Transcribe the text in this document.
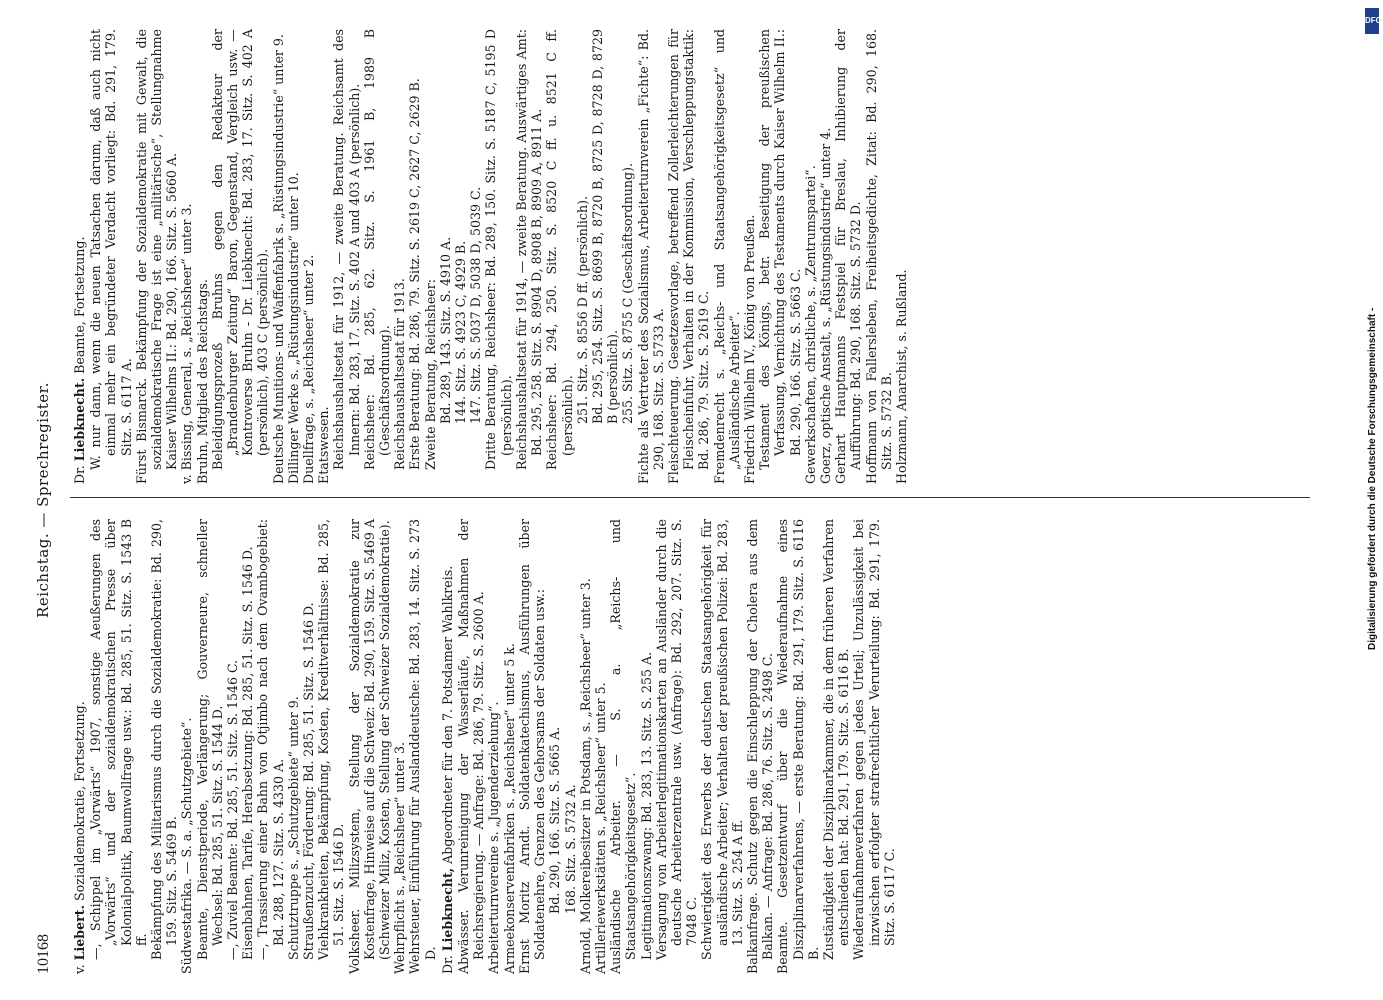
10168
Reichstag. — Sprechregister.

v. Liebert. Sozialdemokratie, Fortsetzung. —, Schippel im „Vorwärts“ 1907, sonstige Aeußerungen des „Vorwärts“ und der sozialdemokratischen Presse über Kolonialpolitik, Baumwollfrage usw.: Bd. 285, 51. Sitz. S. 1543 B ff. Bekämpfung des Militarismus durch die Sozialdemokratie: Bd. 290, 159. Sitz. S. 5469 B. Südwestafrika. — S. a. „Schutzgebiete“. Beamte, Dienstperiode, Verlängerung; Gouverneure, schneller Wechsel: Bd. 285, 51. Sitz. S. 1544 D. —, Zuviel Beamte: Bd. 285, 51. Sitz. S. 1546 C. Eisenbahnen, Tarife, Herabsetzung: Bd. 285, 51. Sitz. S. 1546 D. —, Trassierung einer Bahn von Otjimbo nach dem Ovambogebiet: Bd. 288, 127. Sitz. S. 4330 A. Schutztruppe s. „Schutzgebiete“ unter 9. Straußenzucht, Förderung: Bd. 285, 51. Sitz. S. 1546 D. Viehkrankheiten, Bekämpfung, Kosten, Kreditverhältnisse: Bd. 285, 51. Sitz. S. 1546 D. Volksheer. Milizsystem, Stellung der Sozialdemokratie zur Kostenfrage, Hinweise auf die Schweiz: Bd. 290, 159. Sitz. S. 5469 A (Schweizer Miliz, Kosten, Stellung der Schweizer Sozialdemokratie). Wehrpflicht s. „Reichsheer“ unter 3. Wehrsteuer, Einführung für Auslanddeutsche: Bd. 283, 14. Sitz. S. 273 D.

Dr. Liebknecht, Abgeordneter für den 7. Potsdamer Wahlkreis. Abwässer. Verunreinigung der Wasserläufe, Maßnahmen der Reichsregierung. — Anfrage: Bd. 286, 79. Sitz. S. 2600 A. Arbeiterturnvereine s. „Jugenderziehung“. Armeekonservenfabriken s. „Reichsheer“ unter 5 k. Ernst Moritz Arndt. Soldatenkatechismus, Ausführungen über Soldatenehre, Grenzen des Gehorsams der Soldaten usw.: Bd. 290, 166. Sitz. S. 5665 A. 168. Sitz. S. 5732 A. Arnold, Molkereibesitzer in Potsdam, s. „Reichsheer“ unter 3. Artilleriewerkstätten s. „Reichsheer“ unter 5. Ausländische Arbeiter. — S. a. „Reichs- und Staatsangehörigkeitsgesetz“. Legitimationszwang: Bd. 283, 13. Sitz. S. 255 A. Versagung von Arbeiterlegitimationskarten an Ausländer durch die deutsche Arbeiterzentrale usw. (Anfrage): Bd. 292, 207. Sitz. S. 7048 C. Schwierigkeit des Erwerbs der deutschen Staatsangehörigkeit für ausländische Arbeiter; Verhalten der preußischen Polizei: Bd. 283, 13. Sitz. S. 254 A ff. Balkanfrage. Schutz gegen die Einschleppung der Cholera aus dem Balkan. — Anfrage: Bd. 286, 76. Sitz. S. 2498 C. Beamte. Gesetzentwurf über die Wiederaufnahme eines Disziplinarverfahrens, — erste Beratung: Bd. 291, 179. Sitz. S. 6116 B. Zuständigkeit der Disziplinarkammer, die in dem früheren Verfahren entschieden hat: Bd. 291, 179. Sitz. S. 6116 B. Wiederaufnahmeverfahren gegen jedes Urteil; Unzulässigkeit bei inzwischen erfolgter strafrechtlicher Verurteilung: Bd. 291, 179. Sitz. S. 6117 C.

Dr. Liebknecht. Beamte, Fortsetzung. W. nur dann, wenn die neuen Tatsachen darum, daß auch nicht einmal mehr ein begründeter Verdacht vorliegt: Bd. 291, 179. Sitz. S. 6117 A. Fürst Bismarck. Bekämpfung der Sozialdemokratie mit Gewalt, die sozialdemokratische Frage ist eine „militärische“, Stellungnahme Kaiser Wilhelms II.: Bd. 290, 166. Sitz. S. 5660 A. v. Bissing, General, s. „Reichsheer“ unter 3. Bruhn, Mitglied des Reichstags. Beleidigungsprozeß Bruhns gegen den Redakteur der „Brandenburger Zeitung“ Baron, Gegenstand, Vergleich usw. — Kontroverse Bruhn - Dr. Liebknecht: Bd. 283, 17. Sitz. S. 402 A (persönlich), 403 C (persönlich). Deutsche Munitions- und Waffenfabrik s. „Rüstungsindustrie“ unter 9. Dillinger Werke s. „Rüstungsindustrie“ unter 10. Duellfrage, s. „Reichsheer“ unter 2. Etatswesen. Reichshaushaltsetat für 1912, — zweite Beratung. Reichsamt des Innern: Bd. 283, 17. Sitz. S. 402 A und 403 A (persönlich). Reichsheer: Bd. 285, 62. Sitz. S. 1961 B, 1989 B (Geschäftsordnung). Reichshaushaltsetat für 1913. Erste Beratung: Bd. 286, 79. Sitz. S. 2619 C, 2627 C, 2629 B. Zweite Beratung, Reichsheer: Bd. 289, 143. Sitz. S. 4910 A. 144. Sitz. S. 4923 C, 4929 B. 147. Sitz. S. 5037 D, 5038 D, 5039 C. Dritte Beratung, Reichsheer: Bd. 289, 150. Sitz. S. 5187 C, 5195 D (persönlich). Reichshaushaltsetat für 1914, — zweite Beratung. Auswärtiges Amt: Bd. 295, 258. Sitz. S. 8904 D, 8908 B, 8909 A, 8911 A. Reichsheer: Bd. 294, 250. Sitz. S. 8520 C ff. u. 8521 C ff. (persönlich). 251. Sitz. S. 8556 D ff. (persönlich). Bd. 295, 254. Sitz. S. 8699 B, 8720 B, 8725 D, 8728 D, 8729 B (persönlich). 255. Sitz. S. 8755 C (Geschäftsordnung). Fichte als Vertreter des Sozialismus, Arbeiterturnverein „Fichte“: Bd. 290, 168. Sitz. S. 5733 A. Fleischteuerung. Gesetzesvorlage, betreffend Zollerleichterungen für Fleischeinfuhr, Verhalten in der Kommission, Verschleppungstaktik: Bd. 286, 79. Sitz. S. 2619 C. Fremdenrecht s. „Reichs- und Staatsangehörigkeitsgesetz“ und „Ausländische Arbeiter“. Friedrich Wilhelm IV., König von Preußen. Testament des Königs, betr. Beseitigung der preußischen Verfassung, Vernichtung des Testaments durch Kaiser Wilhelm II.: Bd. 290, 166. Sitz. S. 5663 C. Gewerkschaften, christliche, s. „Zentrumspartei“. Goerz, optische Anstalt, s. „Rüstungsindustrie“ unter 4. Gerhart Hauptmanns Festspiel für Breslau, Inhibierung der Aufführung: Bd. 290, 168. Sitz. S. 5732 D. Hoffmann von Fallersleben, Freiheitsgedichte, Zitat: Bd. 290, 168. Sitz. S. 5732 B. Holzmann, Anarchist, s. Rußland.	Digitalisierung gefördert durch die Deutsche Forschungsgemeinschaft -
DFG
